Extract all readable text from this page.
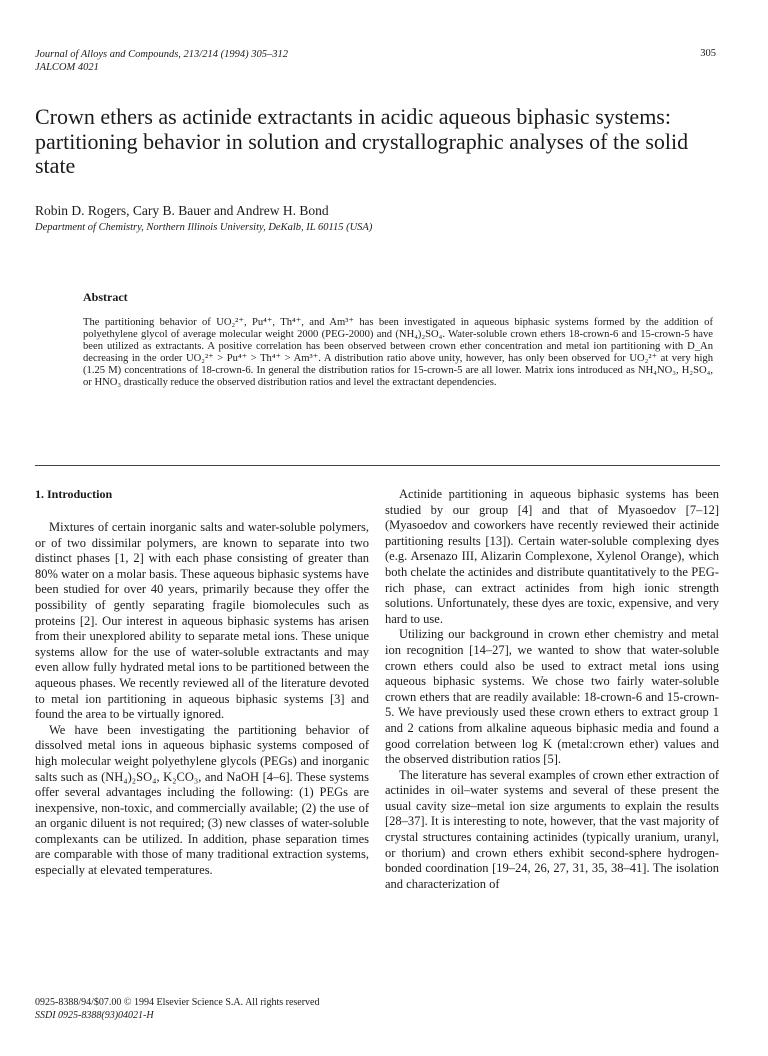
Journal of Alloys and Compounds, 213/214 (1994) 305–312
JALCOM 4021
305
Crown ethers as actinide extractants in acidic aqueous biphasic systems: partitioning behavior in solution and crystallographic analyses of the solid state
Robin D. Rogers, Cary B. Bauer and Andrew H. Bond
Department of Chemistry, Northern Illinois University, DeKalb, IL 60115 (USA)
Abstract
The partitioning behavior of UO₂²⁺, Pu⁴⁺, Th⁴⁺, and Am³⁺ has been investigated in aqueous biphasic systems formed by the addition of polyethylene glycol of average molecular weight 2000 (PEG-2000) and (NH₄)₂SO₄. Water-soluble crown ethers 18-crown-6 and 15-crown-5 have been utilized as extractants. A positive correlation has been observed between crown ether concentration and metal ion partitioning with D_An decreasing in the order UO₂²⁺ > Pu⁴⁺ > Th⁴⁺ > Am³⁺. A distribution ratio above unity, however, has only been observed for UO₂²⁺ at very high (1.25 M) concentrations of 18-crown-6. In general the distribution ratios for 15-crown-5 are all lower. Matrix ions introduced as NH₄NO₃, H₂SO₄, or HNO₃ drastically reduce the observed distribution ratios and level the extractant dependencies.
1. Introduction

Mixtures of certain inorganic salts and water-soluble polymers, or of two dissimilar polymers, are known to separate into two distinct phases [1, 2] with each phase consisting of greater than 80% water on a molar basis. These aqueous biphasic systems have been studied for over 40 years, primarily because they offer the possibility of gently separating fragile biomolecules such as proteins [2]. Our interest in aqueous biphasic systems has arisen from their unexplored ability to separate metal ions. These unique systems allow for the use of water-soluble extractants and may even allow fully hydrated metal ions to be partitioned between the aqueous phases. We recently reviewed all of the literature devoted to metal ion partitioning in aqueous biphasic systems [3] and found the area to be virtually ignored.

We have been investigating the partitioning behavior of dissolved metal ions in aqueous biphasic systems composed of high molecular weight polyethylene glycols (PEGs) and inorganic salts such as (NH₄)₂SO₄, K₂CO₃, and NaOH [4–6]. These systems offer several advantages including the following: (1) PEGs are inexpensive, non-toxic, and commercially available; (2) the use of an organic diluent is not required; (3) new classes of water-soluble complexants can be utilized. In addition, phase separation times are comparable with those of many traditional extraction systems, especially at elevated temperatures.

Actinide partitioning in aqueous biphasic systems has been studied by our group [4] and that of Myasoedov [7–12] (Myasoedov and coworkers have recently reviewed their actinide partitioning results [13]). Certain water-soluble complexing dyes (e.g. Arsenazo III, Alizarin Complexone, Xylenol Orange), which both chelate the actinides and distribute quantitatively to the PEG-rich phase, can extract actinides from high ionic strength solutions. Unfortunately, these dyes are toxic, expensive, and very hard to use.

Utilizing our background in crown ether chemistry and metal ion recognition [14–27], we wanted to show that water-soluble crown ethers could also be used to extract metal ions using aqueous biphasic systems. We chose two fairly water-soluble crown ethers that are readily available: 18-crown-6 and 15-crown-5. We have previously used these crown ethers to extract group 1 and 2 cations from alkaline aqueous biphasic media and found a good correlation between log K (metal:crown ether) values and the observed distribution ratios [5].

The literature has several examples of crown ether extraction of actinides in oil–water systems and several of these present the usual cavity size–metal ion size arguments to explain the results [28–37]. It is interesting to note, however, that the vast majority of crystal structures containing actinides (typically uranium, uranyl, or thorium) and crown ethers exhibit second-sphere hydrogen-bonded coordination [19–24, 26, 27, 31, 35, 38–41]. The isolation and characterization of

0925-8388/94/$07.00 © 1994 Elsevier Science S.A. All rights reserved
SSDI 0925-8388(93)04021-H
